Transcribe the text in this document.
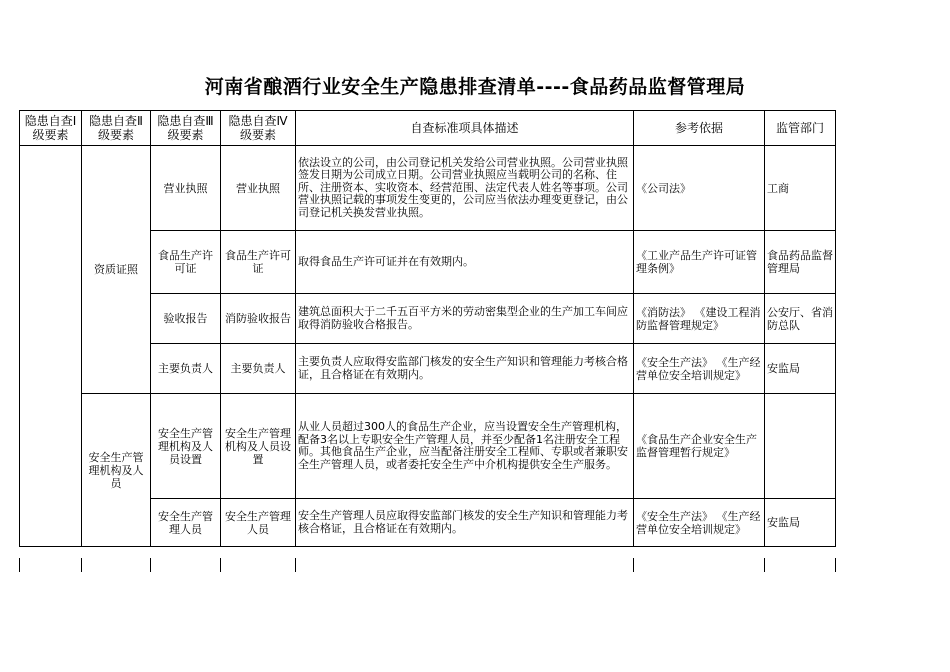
河南省酿酒行业安全生产隐患排查清单----食品药品监督管理局
隐患自查Ⅰ级要素	隐患自查Ⅱ级要素	隐患自查Ⅲ级要素	隐患自查Ⅳ级要素	自查标准项具体描述	参考依据	监管部门
	资质证照	营业执照	营业执照	依法设立的公司，由公司登记机关发给公司营业执照。公司营业执照签发日期为公司成立日期。公司营业执照应当载明公司的名称、住所、注册资本、实收资本、经营范围、法定代表人姓名等事项。公司营业执照记载的事项发生变更的，公司应当依法办理变更登记，由公司登记机关换发营业执照。	《公司法》	工商
		食品生产许可证	食品生产许可证	取得食品生产许可证并在有效期内。	《工业产品生产许可证管理条例》	食品药品监督管理局
		验收报告	消防验收报告	建筑总面积大于二千五百平方米的劳动密集型企业的生产加工车间应取得消防验收合格报告。	《消防法》 《建设工程消防监督管理规定》	公安厅、省消防总队
		主要负责人	主要负责人	主要负责人应取得安监部门核发的安全生产知识和管理能力考核合格证，且合格证在有效期内。	《安全生产法》 《生产经营单位安全培训规定》	安监局
	安全生产管理机构及人员	安全生产管理机构及人员设置	安全生产管理机构及人员设置	从业人员超过300人的食品生产企业，应当设置安全生产管理机构，配备3名以上专职安全生产管理人员，并至少配备1名注册安全工程师。其他食品生产企业，应当配备注册安全工程师、专职或者兼职安全生产管理人员，或者委托安全生产中介机构提供安全生产服务。	《食品生产企业安全生产监督管理暂行规定》	
		安全生产管理人员	安全生产管理人员	安全生产管理人员应取得安监部门核发的安全生产知识和管理能力考核合格证，且合格证在有效期内。	《安全生产法》 《生产经营单位安全培训规定》	安监局
